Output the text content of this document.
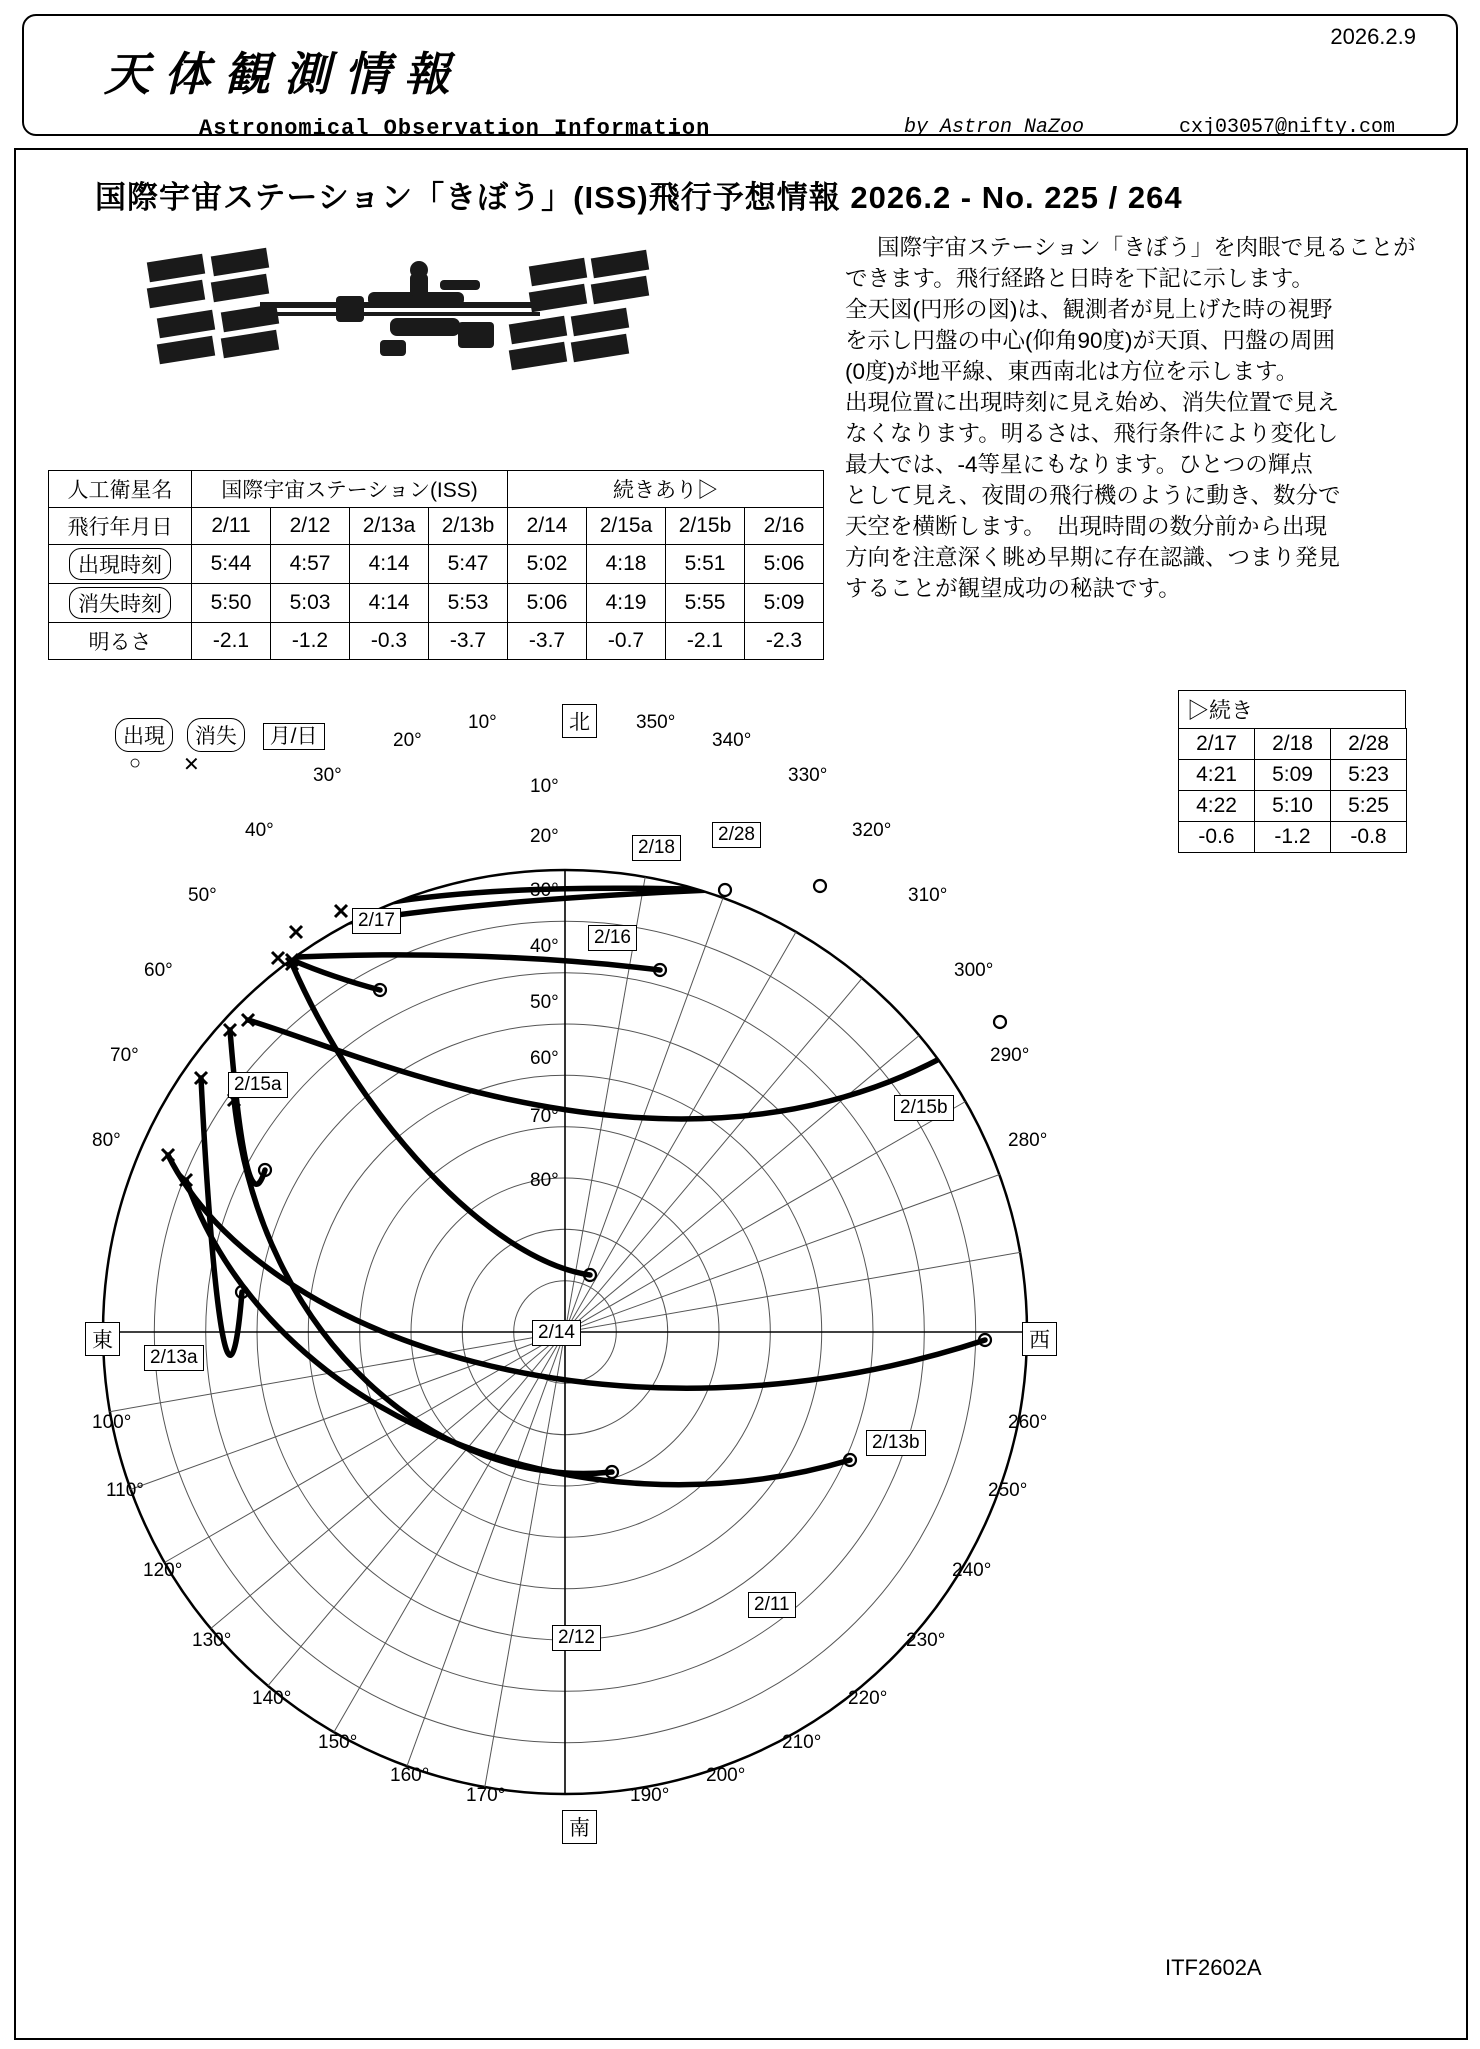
2026.2.9
天体観測情報
Astronomical Observation Information	by Astron NaZoo	cxj03057@nifty.com
国際宇宙ステーション「きぼう」(ISS)飛行予想情報 2026.2 - No. 225 / 264

国際宇宙ステーション「きぼう」を肉眼で見ることが

できます。飛行経路と日時を下記に示します。

全天図(円形の図)は、観測者が見上げた時の視野

を示し円盤の中心(仰角90度)が天頂、円盤の周囲

(0度)が地平線、東西南北は方位を示します。

出現位置に出現時刻に見え始め、消失位置で見え

なくなります。明るさは、飛行条件により変化し

最大では、-4等星にもなります。ひとつの輝点

として見え、夜間の飛行機のように動き、数分で

天空を横断します。　出現時間の数分前から出現

方向を注意深く眺め早期に存在認識、つまり発見

することが観望成功の秘訣です。

人工衛星名	国際宇宙ステーション(ISS)				続きあり▷			
飛行年月日	2/11	2/12	2/13a	2/13b	2/14	2/15a	2/15b	2/16
出現時刻	5:44	4:57	4:14	5:47	5:02	4:18	5:51	5:06
消失時刻	5:50	5:03	4:14	5:53	5:06	4:19	5:55	5:09
明るさ	-2.1	-1.2	-0.3	-3.7	-3.7	-0.7	-2.1	-2.3
▷続き
2/17	2/18	2/28
4:21	5:09	5:23
4:22	5:10	5:25
-0.6	-1.2	-0.8
出現 消失 月/日
○ ✕
北
南
東	西
10°
20°
30°
40°
50°
60°
70°
80°
100°
110°
120°
130°
140°
150°
160°
170°	190°
200°
210°
220°
230°
240°
250°
260°
280°
290°
300°
310°
320°
330°
340°
350°
10°
20°
30°
40°
50°
60°
70°
80°
2/18
2/28
2/17
2/16
2/15a
2/15b
2/13a
2/14
2/13b
2/11
2/12
ITF2602A
